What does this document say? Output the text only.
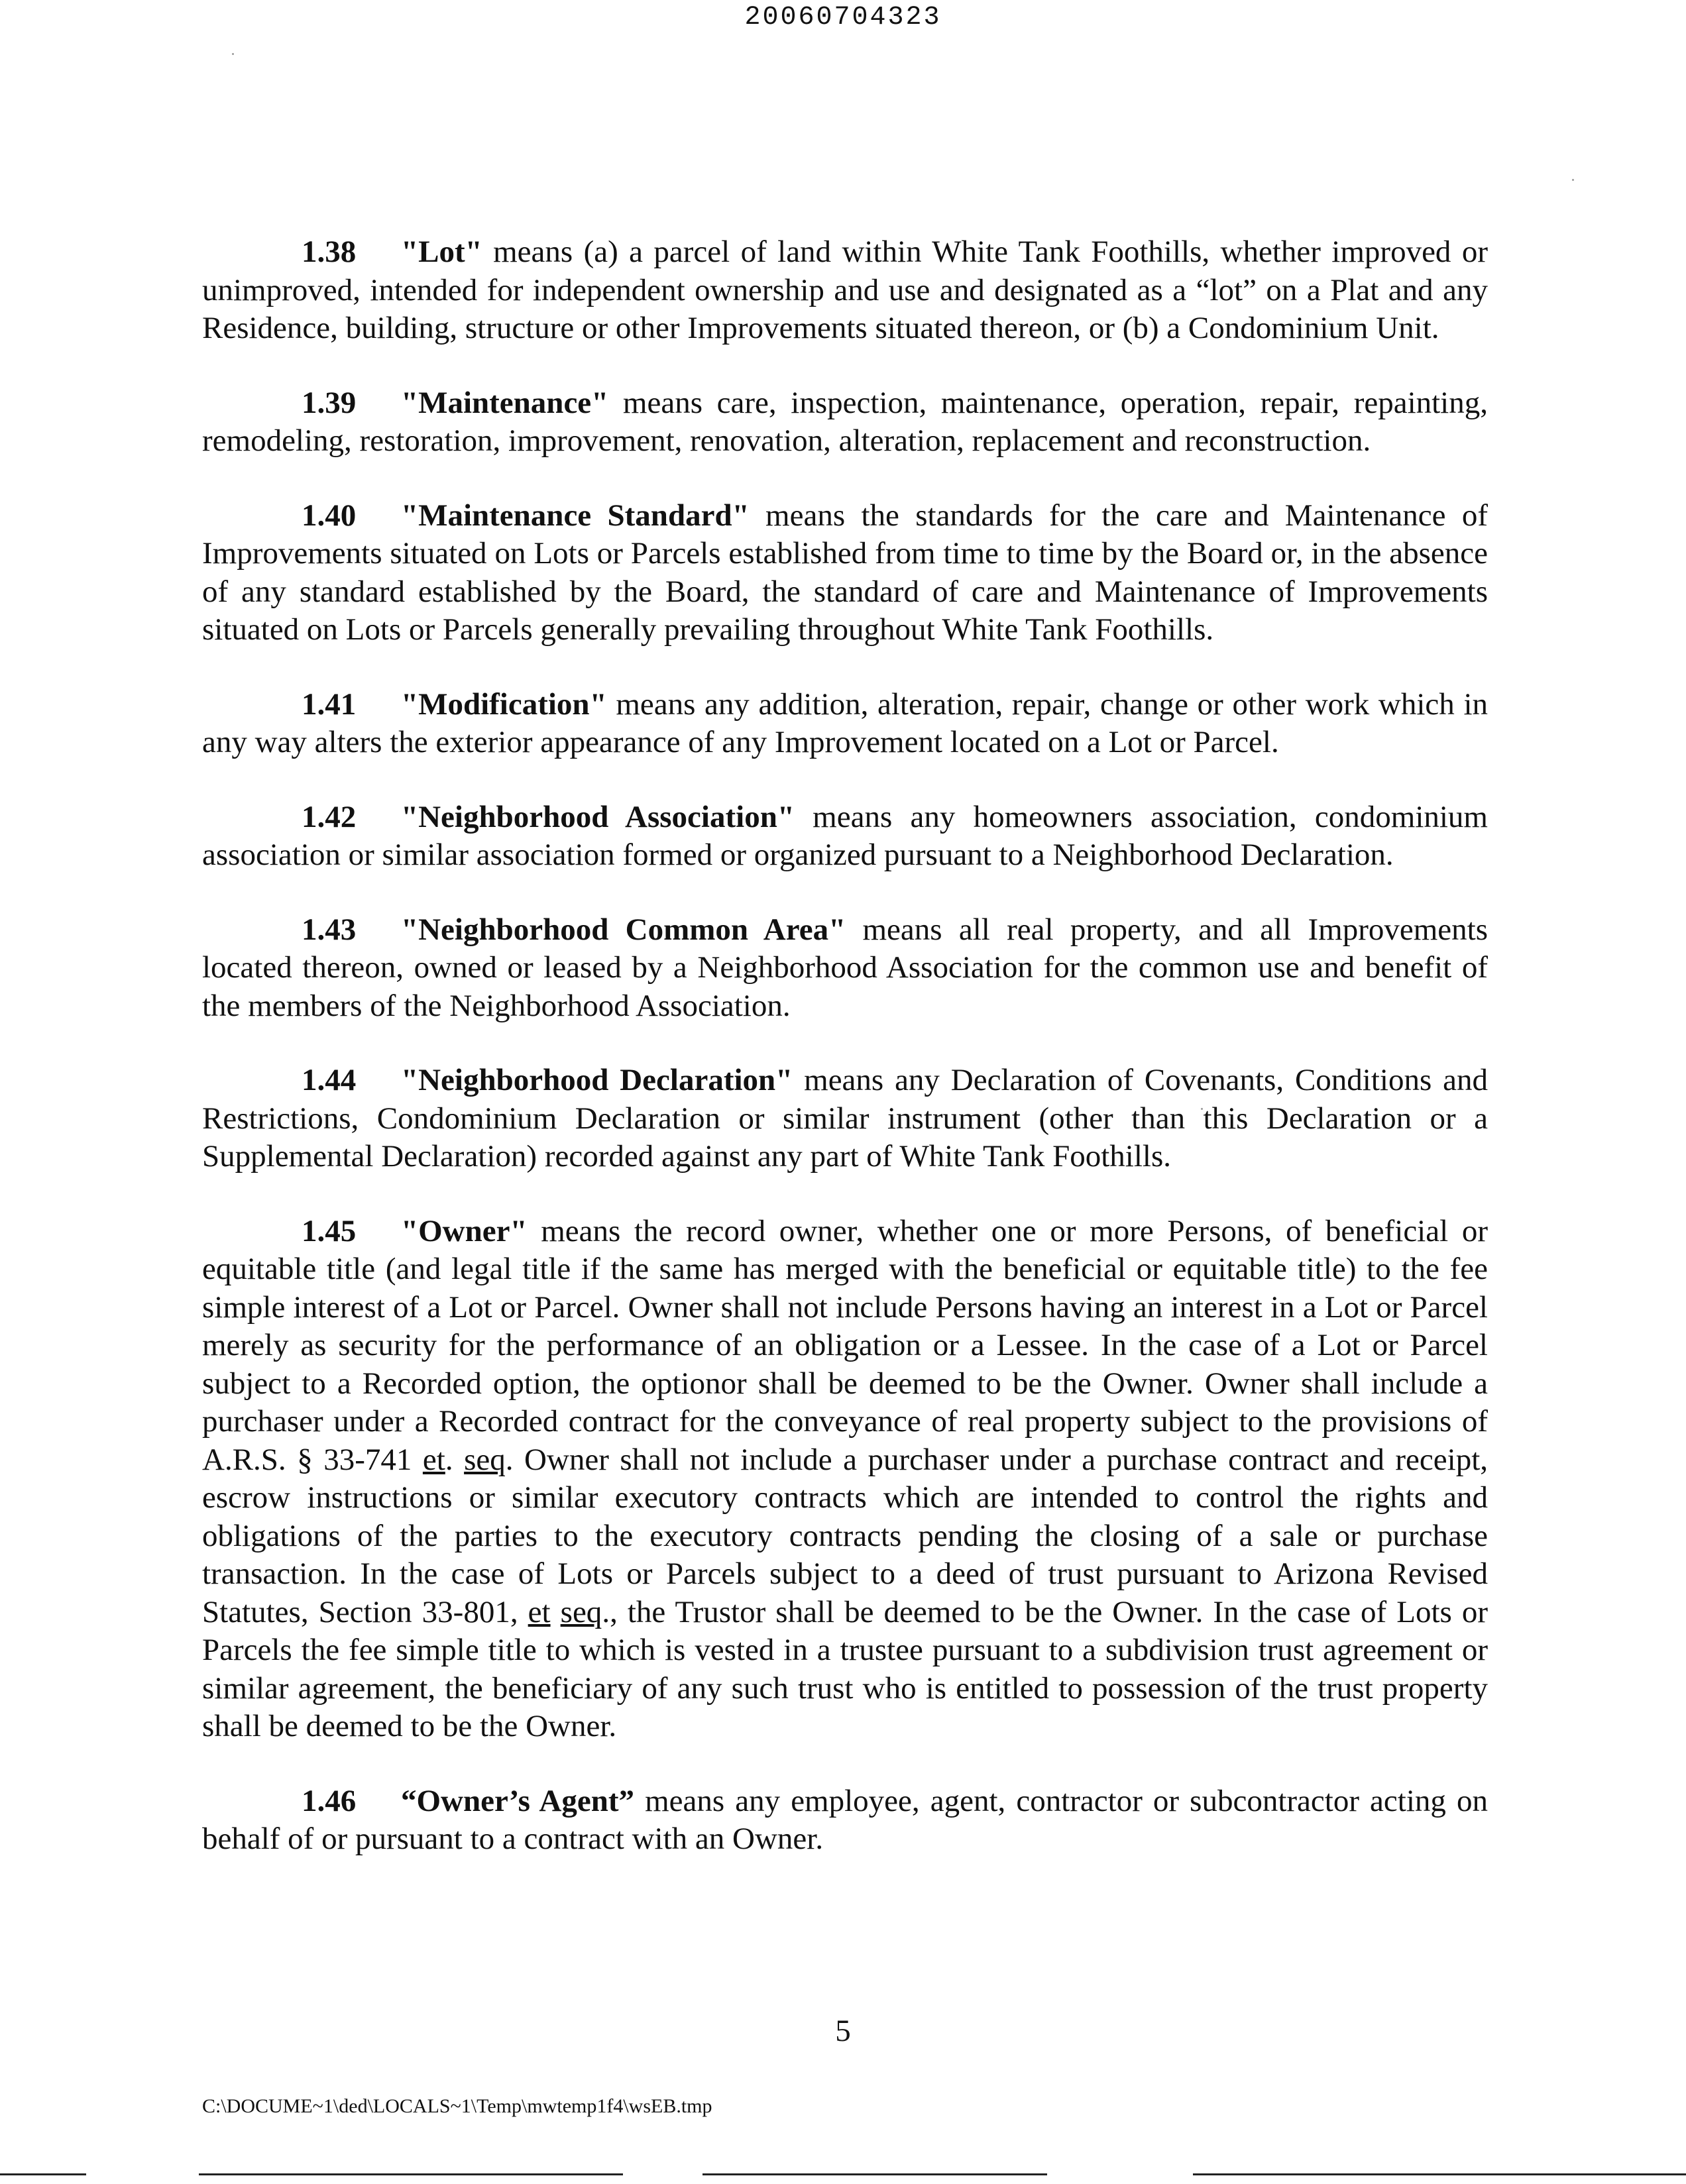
20060704323

1.38 "Lot" means (a) a parcel of land within White Tank Foothills, whether improved or unimproved, intended for independent ownership and use and designated as a “lot” on a Plat and any Residence, building, structure or other Improvements situated thereon, or (b) a Condominium Unit.

1.39 "Maintenance" means care, inspection, maintenance, operation, repair, repainting, remodeling, restoration, improvement, renovation, alteration, replacement and reconstruction.

1.40 "Maintenance Standard" means the standards for the care and Maintenance of Improvements situated on Lots or Parcels established from time to time by the Board or, in the absence of any standard established by the Board, the standard of care and Maintenance of Improvements situated on Lots or Parcels generally prevailing throughout White Tank Foothills.

1.41 "Modification" means any addition, alteration, repair, change or other work which in any way alters the exterior appearance of any Improvement located on a Lot or Parcel.

1.42 "Neighborhood Association" means any homeowners association, condominium association or similar association formed or organized pursuant to a Neighborhood Declaration.

1.43 "Neighborhood Common Area" means all real property, and all Improvements located thereon, owned or leased by a Neighborhood Association for the common use and benefit of the members of the Neighborhood Association.

1.44 "Neighborhood Declaration" means any Declaration of Covenants, Conditions and Restrictions, Condominium Declaration or similar instrument (other than this Declaration or a Supplemental Declaration) recorded against any part of White Tank Foothills.

1.45 "Owner" means the record owner, whether one or more Persons, of beneficial or equitable title (and legal title if the same has merged with the beneficial or equitable title) to the fee simple interest of a Lot or Parcel. Owner shall not include Persons having an interest in a Lot or Parcel merely as security for the performance of an obligation or a Lessee. In the case of a Lot or Parcel subject to a Recorded option, the optionor shall be deemed to be the Owner. Owner shall include a purchaser under a Recorded contract for the conveyance of real property subject to the provisions of A.R.S. § 33-741 et. seq. Owner shall not include a purchaser under a purchase contract and receipt, escrow instructions or similar executory contracts which are intended to control the rights and obligations of the parties to the executory contracts pending the closing of a sale or purchase transaction. In the case of Lots or Parcels subject to a deed of trust pursuant to Arizona Revised Statutes, Section 33-801, et seq., the Trustor shall be deemed to be the Owner. In the case of Lots or Parcels the fee simple title to which is vested in a trustee pursuant to a subdivision trust agreement or similar agreement, the beneficiary of any such trust who is entitled to possession of the trust property shall be deemed to be the Owner.

1.46 “Owner’s Agent” means any employee, agent, contractor or subcontractor acting on behalf of or pursuant to a contract with an Owner.

5
C:\DOCUME~1\ded\LOCALS~1\Temp\mwtemp1f4\wsEB.tmp
